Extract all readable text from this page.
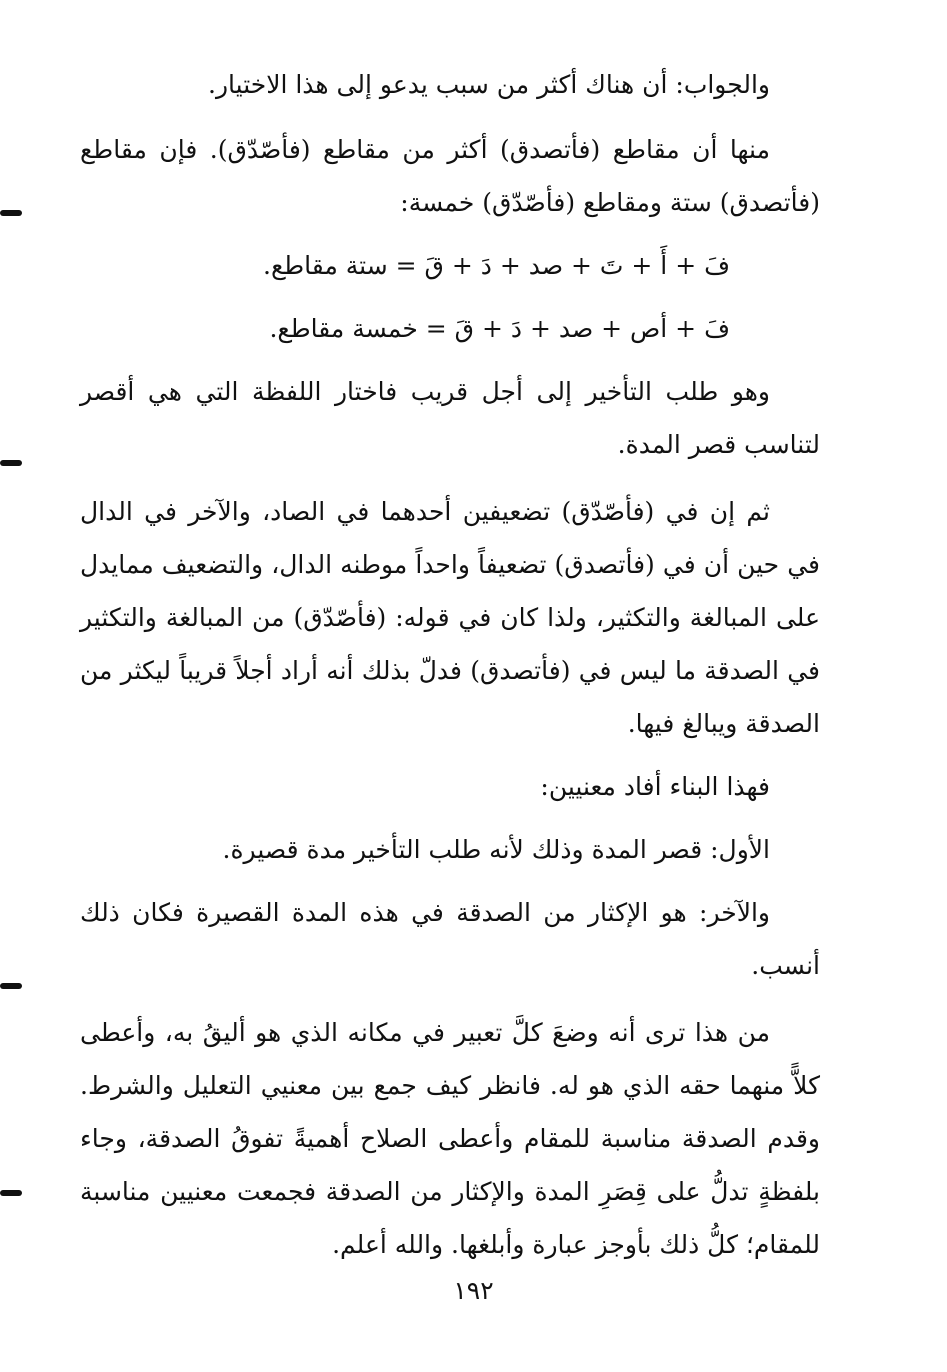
والجواب: أن هناك أكثر من سبب يدعو إلى هذا الاختيار.

منها أن مقاطع (فأتصدق) أكثر من مقاطع (فأصّدّق). فإن مقاطع (فأتصدق) ستة ومقاطع (فأصّدّق) خمسة:

فَ + أَ + تَ + صد + دَ + قَ = ستة مقاطع.

فَ + أص + صد + دَ + قَ = خمسة مقاطع.

وهو طلب التأخير إلى أجل قريب فاختار اللفظة التي هي أقصر لتناسب قصر المدة.

ثم إن في (فأصّدّق) تضعيفين أحدهما في الصاد، والآخر في الدال في حين أن في (فأتصدق) تضعيفاً واحداً موطنه الدال، والتضعيف ممايدل على المبالغة والتكثير، ولذا كان في قوله: (فأصّدّق) من المبالغة والتكثير في الصدقة ما ليس في (فأتصدق) فدلّ بذلك أنه أراد أجلاً قريباً ليكثر من الصدقة ويبالغ فيها.

فهذا البناء أفاد معنيين:

الأول: قصر المدة وذلك لأنه طلب التأخير مدة قصيرة.

والآخر: هو الإكثار من الصدقة في هذه المدة القصيرة فكان ذلك أنسب.

من هذا ترى أنه وضعَ كلَّ تعبير في مكانه الذي هو أليقُ به، وأعطى كلاًّ منهما حقه الذي هو له. فانظر كيف جمع بين معنيي التعليل والشرط. وقدم الصدقة مناسبة للمقام وأعطى الصلاح أهميةً تفوقُ الصدقة، وجاء بلفظةٍ تدلُّ على قِصَرِ المدة والإكثار من الصدقة فجمعت معنيين مناسبة للمقام؛ كلُّ ذلك بأوجز عبارة وأبلغها. والله أعلم.

١٩٢
